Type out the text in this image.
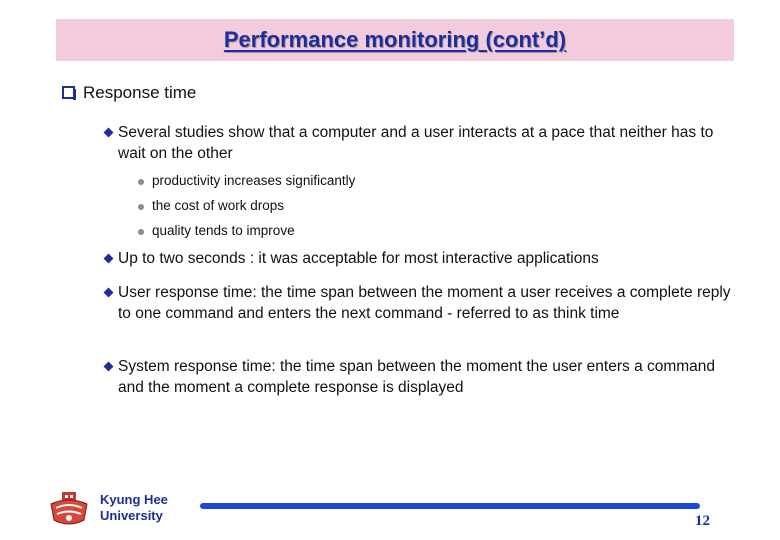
Performance monitoring (cont’d)
Response time
Several studies show that a computer and a user interacts at a pace that neither has to wait on the other
productivity increases significantly
the cost of work drops
quality tends to improve
Up to two seconds : it was acceptable for most interactive applications
User response time: the time span between the moment a user receives a complete reply to one command and enters the next command - referred to as think time
System response time: the time span between the moment the user enters a command and the moment a complete response is displayed
Kyung Hee
University	12
